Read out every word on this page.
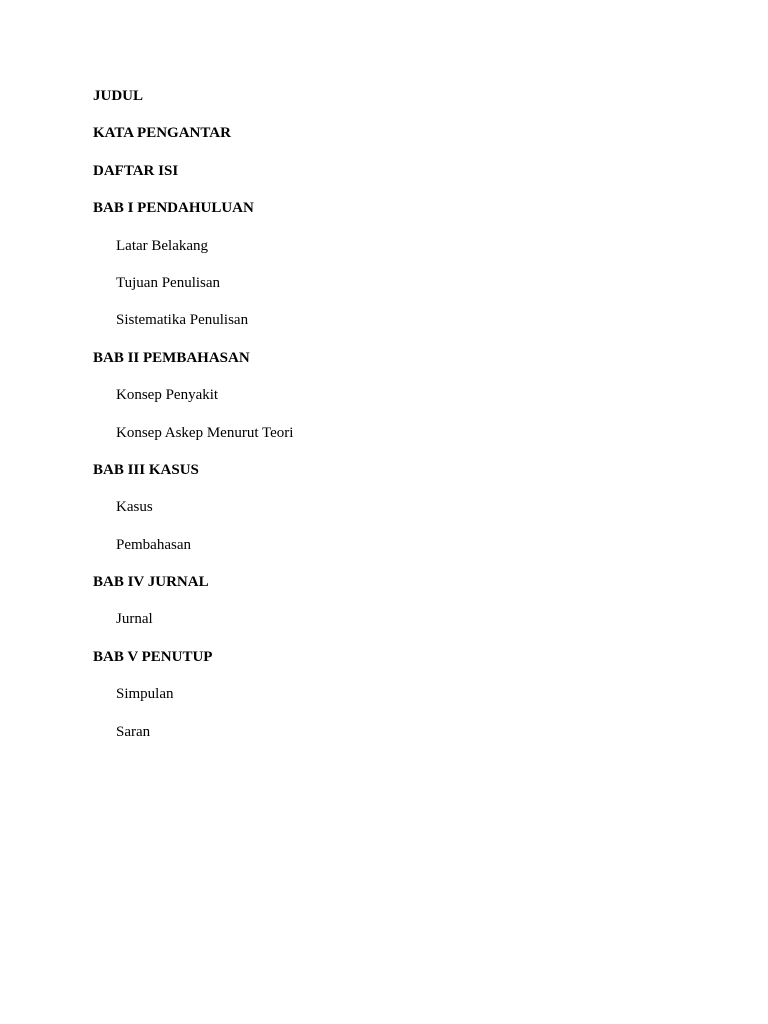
JUDUL
KATA PENGANTAR
DAFTAR ISI
BAB I PENDAHULUAN
Latar Belakang
Tujuan Penulisan
Sistematika Penulisan
BAB II PEMBAHASAN
Konsep Penyakit
Konsep Askep Menurut Teori
BAB III KASUS
Kasus
Pembahasan
BAB IV JURNAL
Jurnal
BAB V PENUTUP
Simpulan
Saran
